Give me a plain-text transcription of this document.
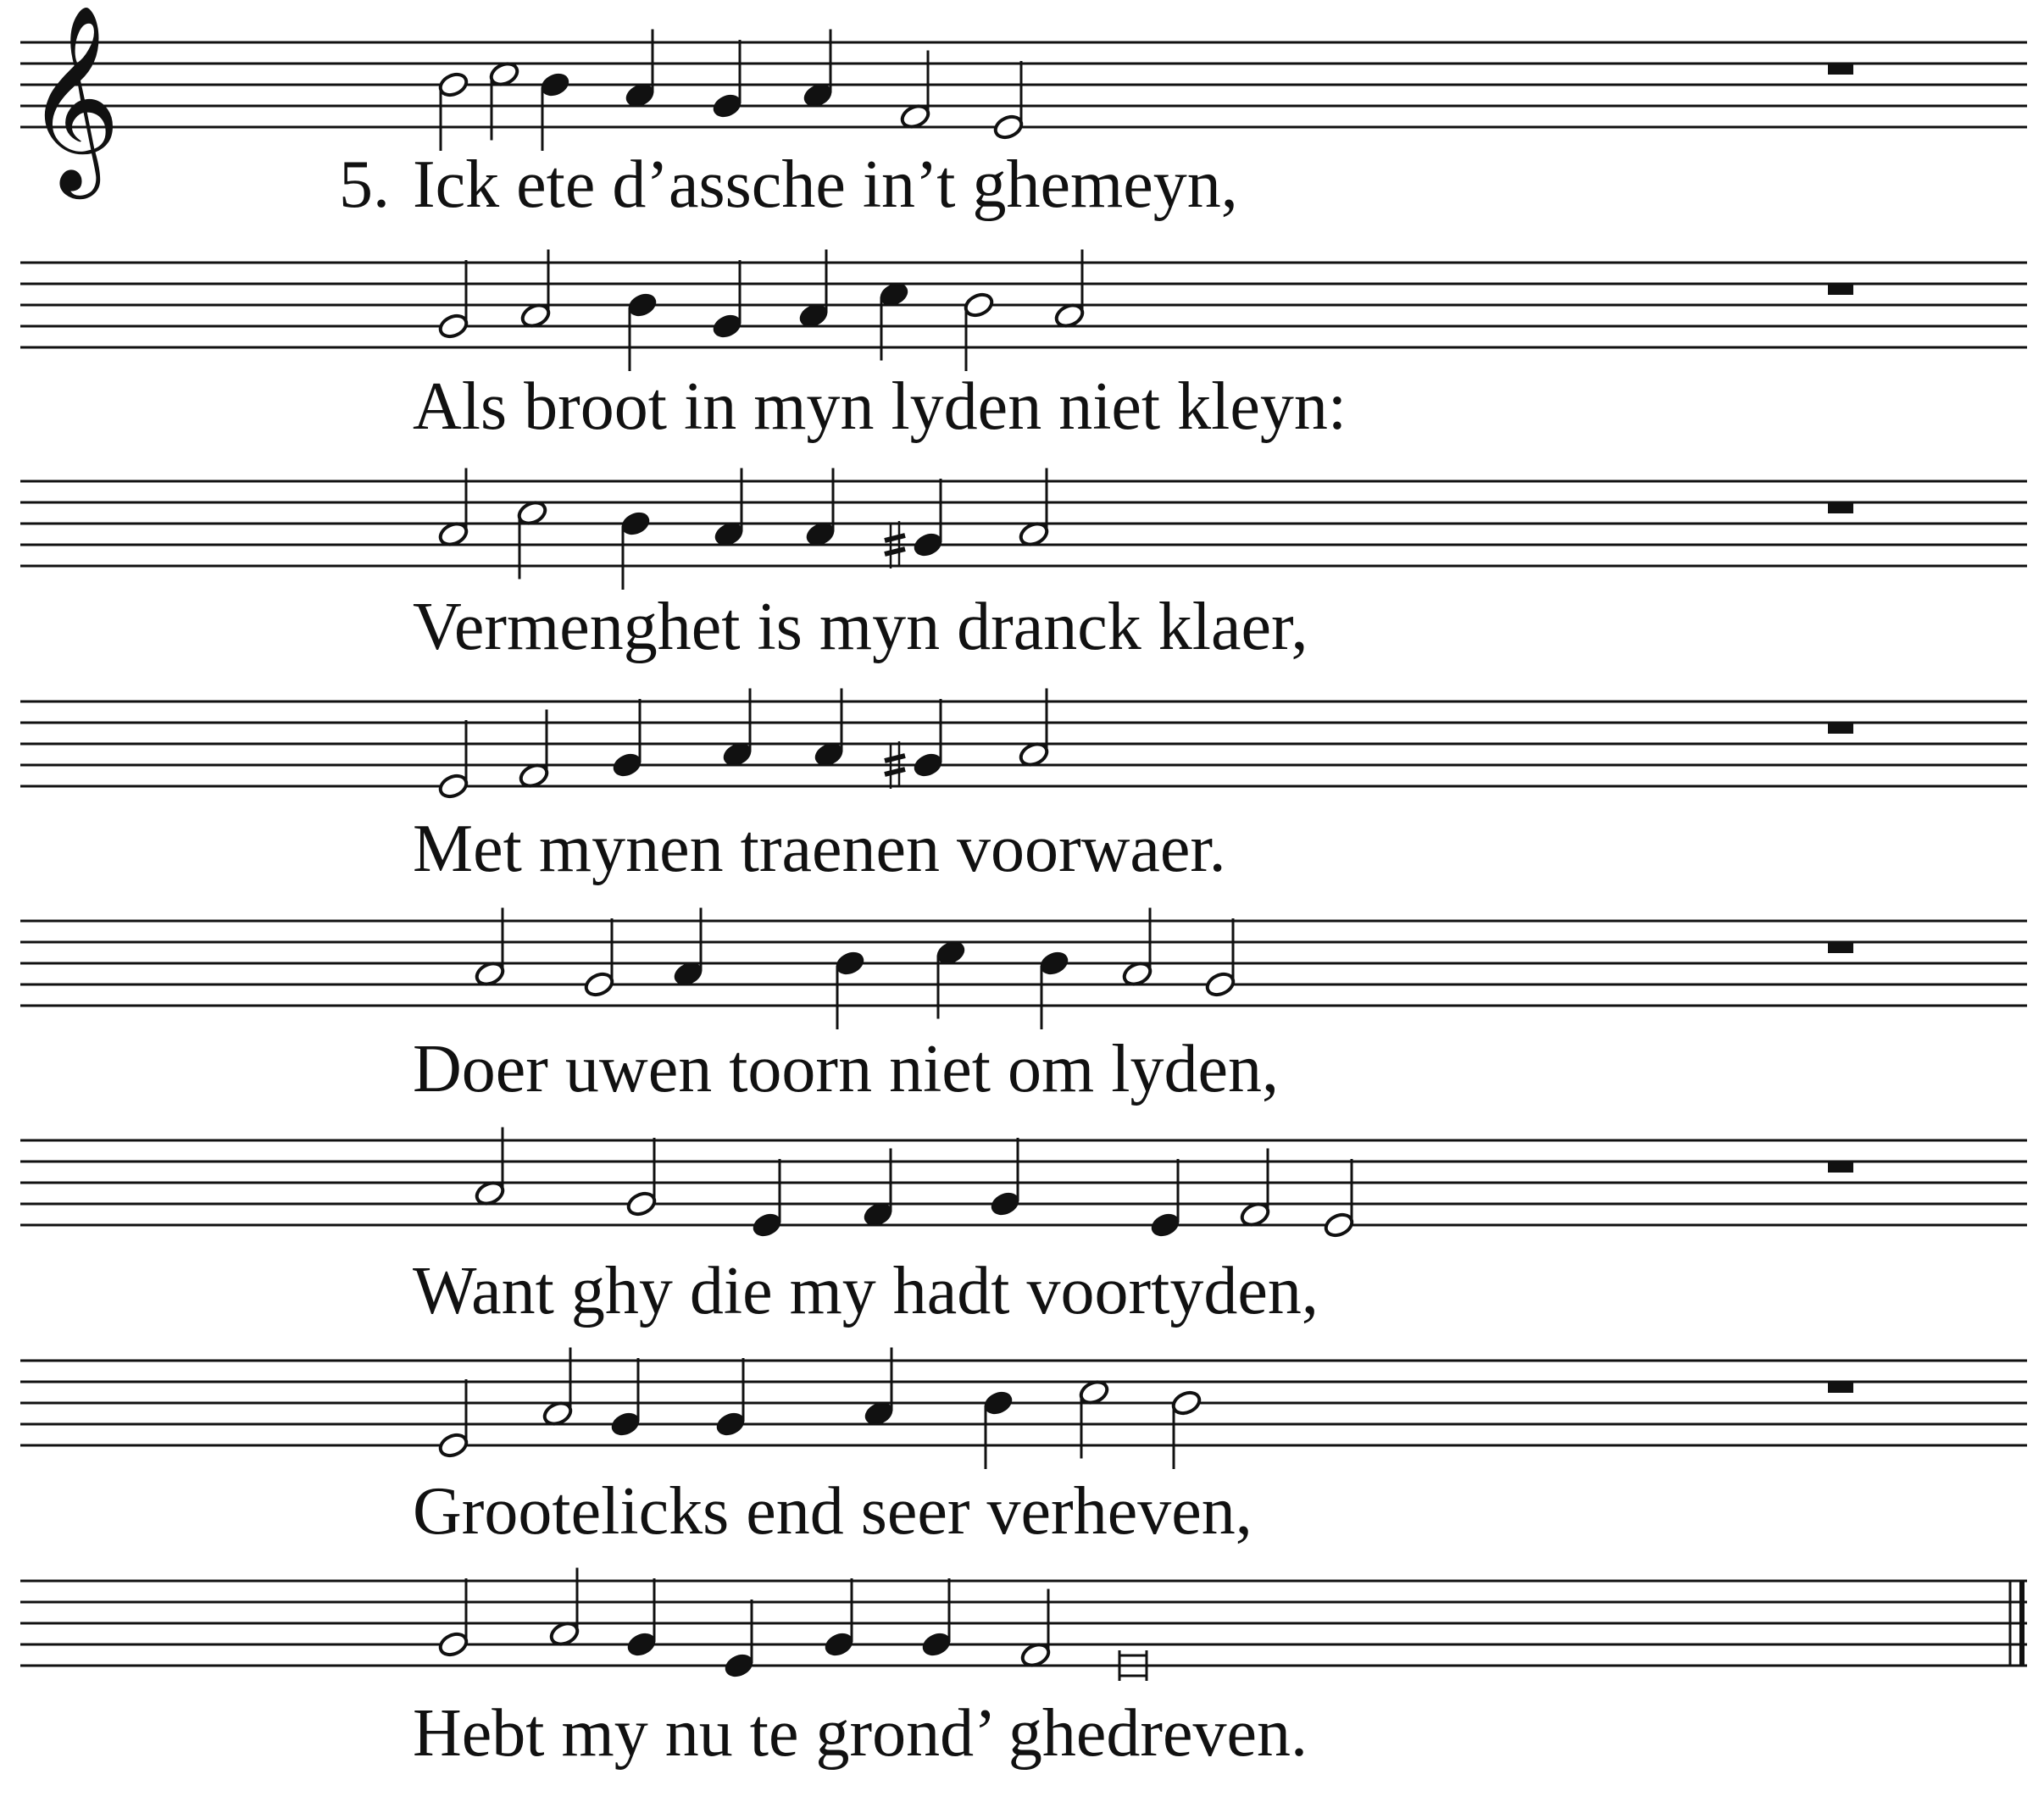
𝄞	5. Ick ete d’assche in’t ghemeyn,

Als broot in myn lyden niet kleyn:

Vermenghet is myn dranck klaer,

Met mynen traenen voorwaer.

Doer uwen toorn niet om lyden,

Want ghy die my hadt voortyden,

Grootelicks end seer verheven,

Hebt my nu te grond’ ghedreven.
